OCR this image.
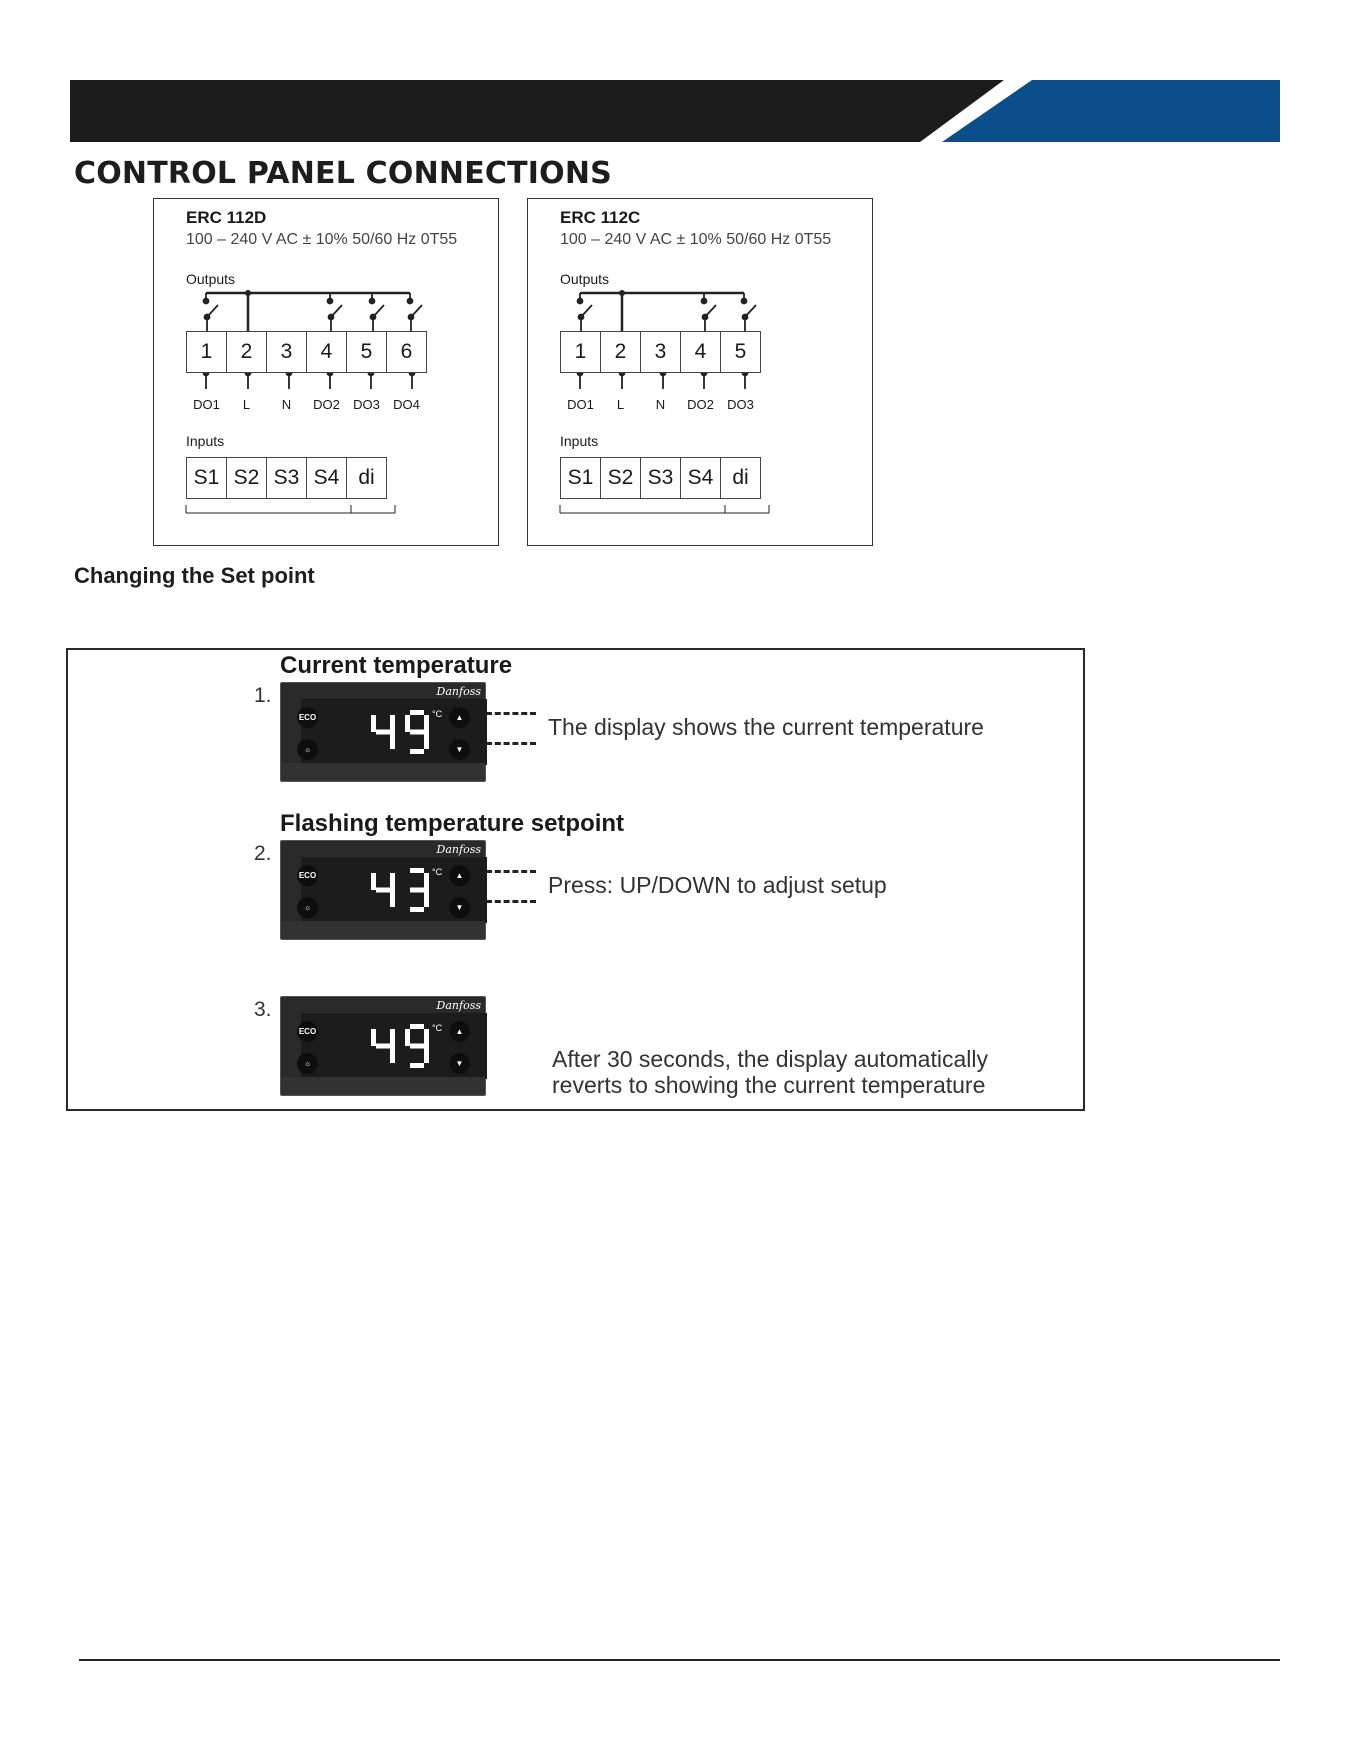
CONTROL PANEL CONNECTIONS
ERC 112D
100 – 240 V AC ± 10% 50/60 Hz 0T55
Outputs
1	2	3	4	5	6
DO1	L	N	DO2	DO3	DO4
Inputs
S1 S2 S3 S4 di
ERC 112C
100 – 240 V AC ± 10% 50/60 Hz 0T55
Outputs
1	2	3	4	5
DO1	L	N	DO2	DO3
Inputs
S1 S2 S3 S4 di
Changing the Set point
Current temperature
1.
ECO
☼
▲
▼
Danfoss
°C	The display shows the current temperature
Flashing temperature setpoint
2.
ECO
☼
▲
▼
Danfoss
°C	Press: UP/DOWN to adjust setup
3.
ECO
☼
▲
▼
Danfoss
°C
After 30 seconds, the display automatically
reverts to showing the current temperature
